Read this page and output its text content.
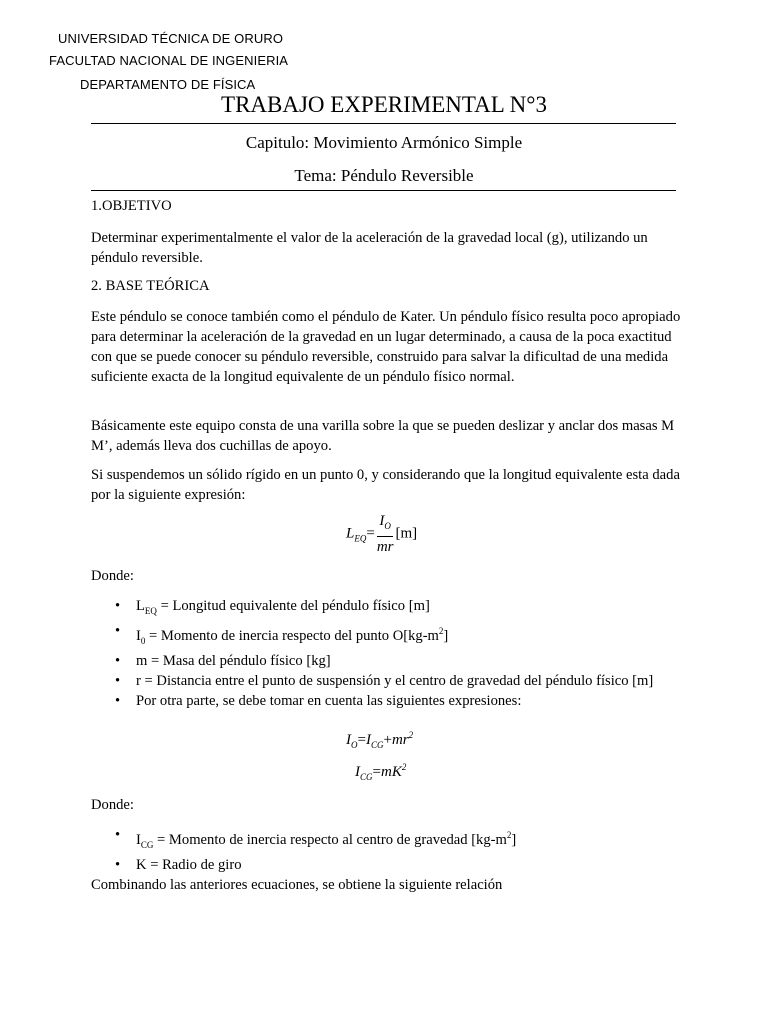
UNIVERSIDAD TÉCNICA DE ORURO
FACULTAD NACIONAL DE INGENIERIA
DEPARTAMENTO DE FÍSICA
TRABAJO EXPERIMENTAL N°3
Capitulo: Movimiento Armónico Simple
Tema: Péndulo Reversible
1.OBJETIVO
Determinar experimentalmente el valor de la aceleración de la gravedad local (g), utilizando un péndulo reversible.
2. BASE TEÓRICA
Este péndulo se conoce también como el péndulo de Kater. Un péndulo físico resulta poco apropiado para determinar la aceleración de la gravedad en un lugar determinado, a causa de la poca exactitud con que se puede conocer su péndulo reversible, construido para salvar la dificultad de una medida suficiente exacta de la longitud equivalente de un péndulo físico normal.
Básicamente este equipo consta de una varilla sobre la que se pueden deslizar y anclar dos masas M M’, además lleva dos cuchillas de apoyo.
Si suspendemos un sólido rígido en un punto 0, y considerando que la longitud equivalente esta dada por la siguiente expresión:
$L_{EQ}= \frac{I_O}{mr} [m]$
Donde:
• $L_{EQ}$ = Longitud equivalente del péndulo físico [m]
• $I_0$ = Momento de inercia respecto del punto $O[kg-m^2]$
• m = Masa del péndulo físico [kg]
• r = Distancia entre el punto de suspensión y el centro de gravedad del péndulo físico [m]
• Por otra parte, se debe tomar en cuenta las siguientes expresiones:
$I_O=I_{CG}+mr^2$
$I_{CG}=mK^2$
Donde:
• $I_{CG}$ = Momento de inercia respecto al centro de gravedad $[kg-m^2]$
• K = Radio de giro
Combinando las anteriores ecuaciones, se obtiene la siguiente relación
